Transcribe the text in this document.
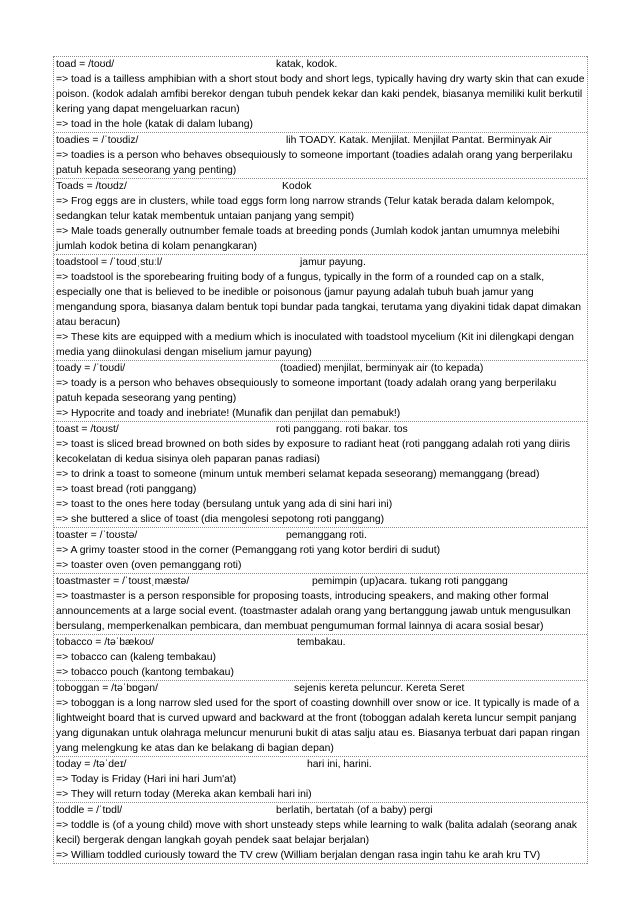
toad = /toʊd/	katak, kodok.
=> toad is a tailless amphibian with a short stout body and short legs, typically having dry warty skin that can exude poison. (kodok adalah amfibi berekor dengan tubuh pendek kekar dan kaki pendek, biasanya memiliki kulit berkutil kering yang dapat mengeluarkan racun)
=> toad in the hole (katak di dalam lubang)
toadies = /ˈtoʊdiz/	lih TOADY. Katak. Menjilat. Menjilat Pantat. Berminyak Air
=> toadies is a person who behaves obsequiously to someone important (toadies adalah orang yang berperilaku patuh kepada seseorang yang penting)
Toads = /toʊdz/	Kodok
=> Frog eggs are in clusters, while toad eggs form long narrow strands (Telur katak berada dalam kelompok, sedangkan telur katak membentuk untaian panjang yang sempit)
=> Male toads generally outnumber female toads at breeding ponds (Jumlah kodok jantan umumnya melebihi jumlah kodok betina di kolam penangkaran)
toadstool = /ˈtoʊdˌstuːl/	jamur payung.
=> toadstool is the sporebearing fruiting body of a fungus, typically in the form of a rounded cap on a stalk, especially one that is believed to be inedible or poisonous (jamur payung adalah tubuh buah jamur yang mengandung spora, biasanya dalam bentuk topi bundar pada tangkai, terutama yang diyakini tidak dapat dimakan atau beracun)
=> These kits are equipped with a medium which is inoculated with toadstool mycelium (Kit ini dilengkapi dengan media yang diinokulasi dengan miselium jamur payung)
toady = /ˈtoʊdi/	(toadied) menjilat, berminyak air (to kepada)
=> toady is a person who behaves obsequiously to someone important (toady adalah orang yang berperilaku patuh kepada seseorang yang penting)
=> Hypocrite and toady and inebriate! (Munafik dan penjilat dan pemabuk!)
toast = /toʊst/	roti panggang. roti bakar. tos
=> toast is sliced bread browned on both sides by exposure to radiant heat (roti panggang adalah roti yang diiris kecokelatan di kedua sisinya oleh paparan panas radiasi)
=> to drink a toast to someone (minum untuk memberi selamat kepada seseorang) memanggang (bread)
=> toast bread (roti panggang)
=> toast to the ones here today (bersulang untuk yang ada di sini hari ini)
=> she buttered a slice of toast (dia mengolesi sepotong roti panggang)
toaster = /ˈtoʊstə/	pemanggang roti.
=> A grimy toaster stood in the corner (Pemanggang roti yang kotor berdiri di sudut)
=> toaster oven (oven pemanggang roti)
toastmaster = /ˈtoʊstˌmæstə/	pemimpin (up)acara. tukang roti panggang
=> toastmaster is a person responsible for proposing toasts, introducing speakers, and making other formal announcements at a large social event. (toastmaster adalah orang yang bertanggung jawab untuk mengusulkan bersulang, memperkenalkan pembicara, dan membuat pengumuman formal lainnya di acara sosial besar)
tobacco = /təˈbækoʊ/	tembakau.
=> tobacco can (kaleng tembakau)
=> tobacco pouch (kantong tembakau)
toboggan = /təˈbɒgən/	sejenis kereta peluncur. Kereta Seret
=> toboggan is a long narrow sled used for the sport of coasting downhill over snow or ice. It typically is made of a lightweight board that is curved upward and backward at the front (toboggan adalah kereta luncur sempit panjang yang digunakan untuk olahraga meluncur menuruni bukit di atas salju atau es. Biasanya terbuat dari papan ringan yang melengkung ke atas dan ke belakang di bagian depan)
today = /təˈdeɪ/	hari ini, harini.
=> Today is Friday (Hari ini hari Jum'at)
=> They will return today (Mereka akan kembali hari ini)
toddle = /ˈtɒdl/	berlatih, bertatah (of a baby) pergi
=> toddle is (of a young child) move with short unsteady steps while learning to walk (balita adalah (seorang anak kecil) bergerak dengan langkah goyah pendek saat belajar berjalan)
=> William toddled curiously toward the TV crew (William berjalan dengan rasa ingin tahu ke arah kru TV)
